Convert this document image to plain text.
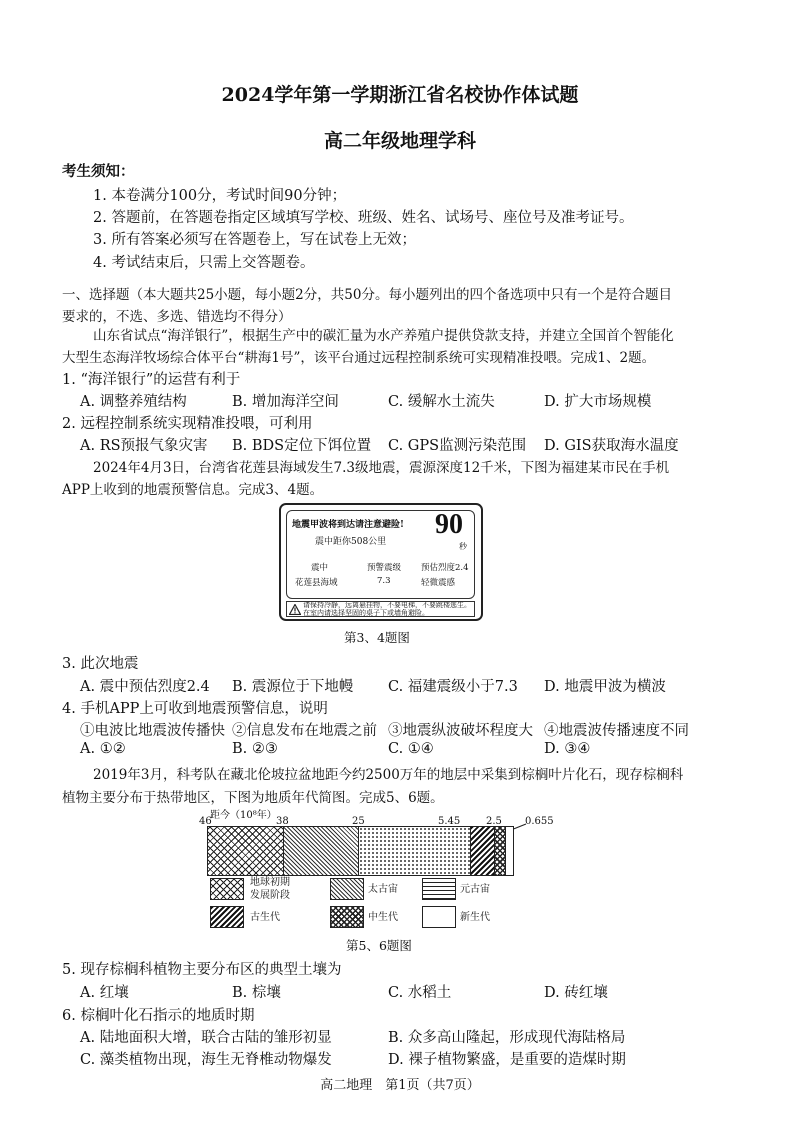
2024学年第一学期浙江省名校协作体试题
高二年级地理学科
考生须知：
1. 本卷满分100分，考试时间90分钟；
2. 答题前，在答题卷指定区域填写学校、班级、姓名、试场号、座位号及准考证号。
3. 所有答案必须写在答题卷上，写在试卷上无效；
4. 考试结束后，只需上交答题卷。
一、选择题（本大题共25小题，每小题2分，共50分。每小题列出的四个备选项中只有一个是符合题目
要求的，不选、多选、错选均不得分）
山东省试点“海洋银行”，根据生产中的碳汇量为水产养殖户提供贷款支持，并建立全国首个智能化
大型生态海洋牧场综合体平台“耕海1号”，该平台通过远程控制系统可实现精准投喂。完成1、2题。
1. “海洋银行”的运营有利于
A. 调整养殖结构	B. 增加海洋空间	C. 缓解水土流失	D. 扩大市场规模
2. 远程控制系统实现精准投喂，可利用
A. RS预报气象灾害 B. BDS定位下饵位置 C. GPS监测污染范围 D. GIS获取海水温度
2024年4月3日，台湾省花莲县海域发生7.3级地震，震源深度12千米，下图为福建某市民在手机
APP上收到的地震预警信息。完成3、4题。
地震甲波将到达请注意避险!
震中距你508公里
90
秒
震中
花莲县海域
预警震级
7.3
预估烈度2.4
轻微震感
请保持冷静，远离悬挂物，不要电梯，不要跳楼逃生。在室内请选择坚固的桌子下或墙角避险。
第3、4题图
3. 此次地震
A. 震中预估烈度2.4 B. 震源位于下地幔 C. 福建震级小于7.3 D. 地震甲波为横波
4. 手机APP上可收到地震预警信息，说明
①电波比地震波传播快 ②信息发布在地震之前 ③地震纵波破坏程度大 ④地震波传播速度不同
A. ①②	B. ②③	C. ①④	D. ③④
2019年3月，科考队在藏北伦坡拉盆地距今约2500万年的地层中采集到棕榈叶片化石，现存棕榈科
植物主要分布于热带地区，下图为地质年代简图。完成5、6题。
距今（10⁸年）
46	38	25	5.45	2.5 0.655
地球初期
发展阶段
太古宙	元古宙
古生代	中生代	新生代
第5、6题图
5. 现存棕榈科植物主要分布区的典型土壤为
A. 红壤	B. 棕壤	C. 水稻土	D. 砖红壤
6. 棕榈叶化石指示的地质时期
A. 陆地面积大增，联合古陆的雏形初显	B. 众多高山隆起，形成现代海陆格局
C. 藻类植物出现，海生无脊椎动物爆发	D. 裸子植物繁盛，是重要的造煤时期
高二地理　第1页（共7页）
